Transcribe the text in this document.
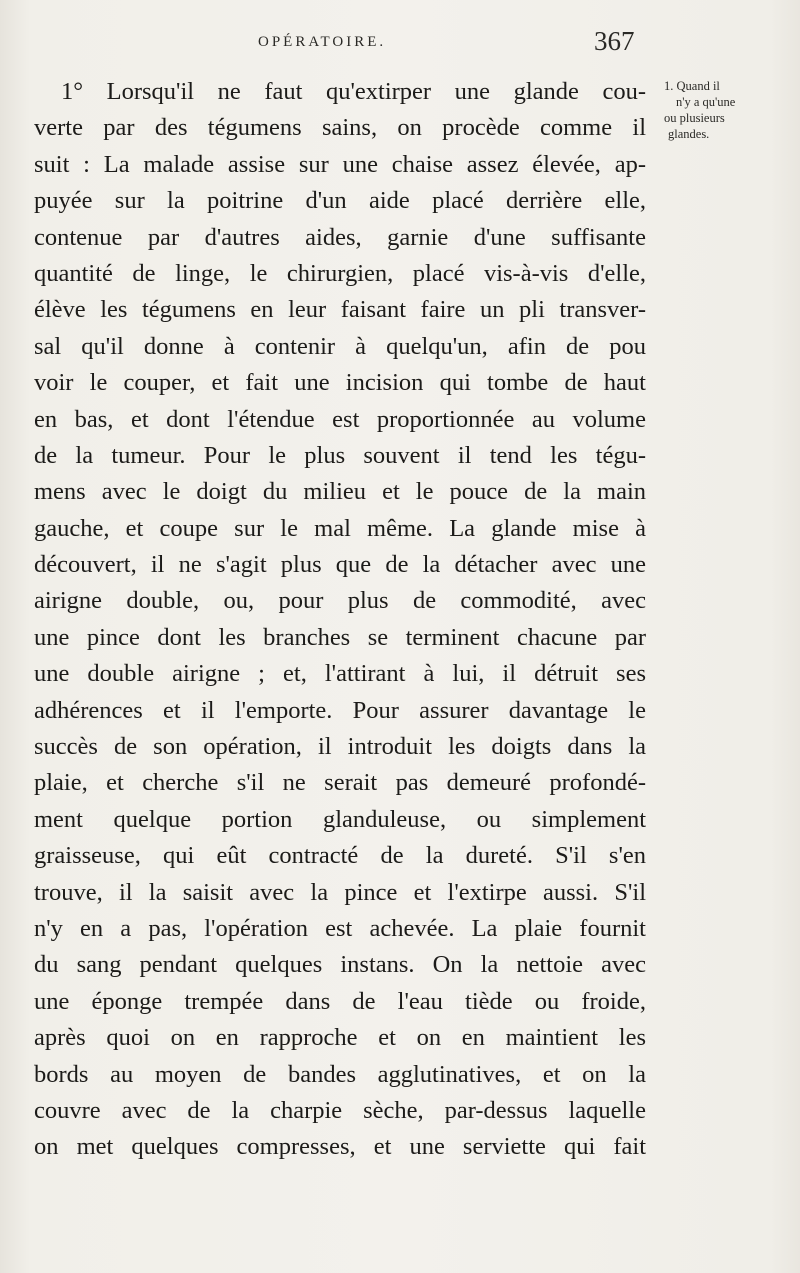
OPÉRATOIRE.	367
1° Lorsqu'il ne faut qu'extirper une glande cou-
verte par des tégumens sains, on procède comme il
suit : La malade assise sur une chaise assez élevée, ap-
puyée sur la poitrine d'un aide placé derrière elle,
contenue par d'autres aides, garnie d'une suffisante
quantité de linge, le chirurgien, placé vis-à-vis d'elle,
élève les tégumens en leur faisant faire un pli transver-
sal qu'il donne à contenir à quelqu'un, afin de pou
voir le couper, et fait une incision qui tombe de haut
en bas, et dont l'étendue est proportionnée au volume
de la tumeur. Pour le plus souvent il tend les tégu-
mens avec le doigt du milieu et le pouce de la main
gauche, et coupe sur le mal même. La glande mise à
découvert, il ne s'agit plus que de la détacher avec une
airigne double, ou, pour plus de commodité, avec
une pince dont les branches se terminent chacune par
une double airigne ; et, l'attirant à lui, il détruit ses
adhérences et il l'emporte. Pour assurer davantage le
succès de son opération, il introduit les doigts dans la
plaie, et cherche s'il ne serait pas demeuré profondé-
ment quelque portion glanduleuse, ou simplement
graisseuse, qui eût contracté de la dureté. S'il s'en
trouve, il la saisit avec la pince et l'extirpe aussi. S'il
n'y en a pas, l'opération est achevée. La plaie fournit
du sang pendant quelques instans. On la nettoie avec
une éponge trempée dans de l'eau tiède ou froide,
après quoi on en rapproche et on en maintient les
bords au moyen de bandes agglutinatives, et on la
couvre avec de la charpie sèche, par-dessus laquelle
on met quelques compresses, et une serviette qui fait
1. Quand il
n'y a qu'une
ou plusieurs
glandes.
